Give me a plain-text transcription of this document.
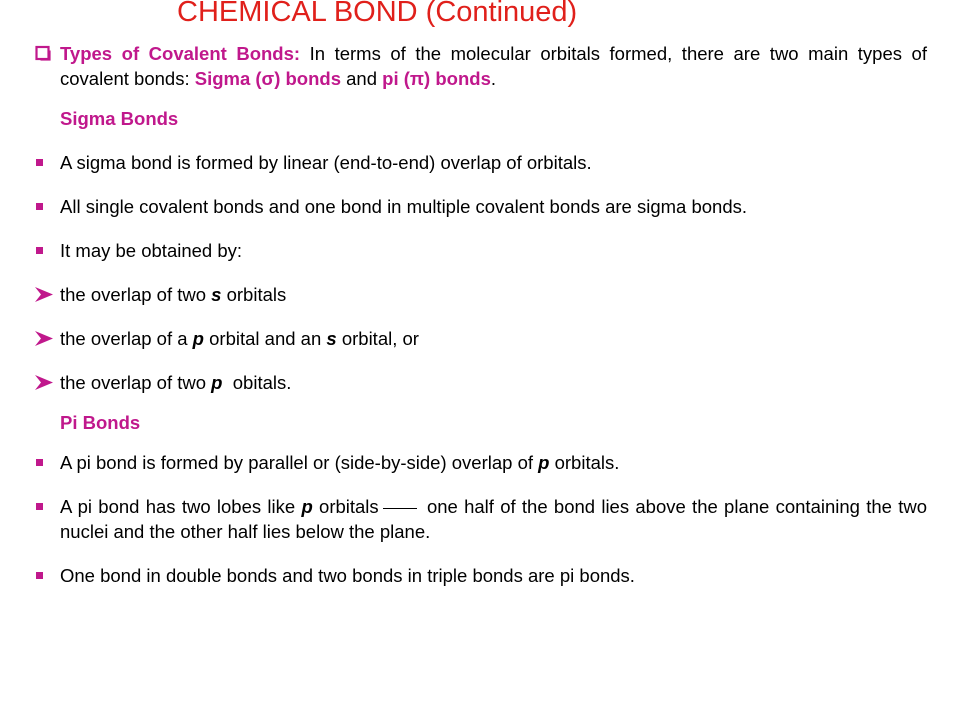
CHEMICAL BOND (Continued)
Types of Covalent Bonds: In terms of the molecular orbitals formed, there are two main types of covalent bonds: Sigma (σ) bonds and pi (π) bonds.
Sigma Bonds
A sigma bond is formed by linear (end-to-end) overlap of orbitals.
All single covalent bonds and one bond in multiple covalent bonds are sigma bonds.
It may be obtained by:
the overlap of two s orbitals
the overlap of a p orbital and an s orbital, or
the overlap of two p  obitals.
Pi Bonds
A pi bond is formed by parallel or (side-by-side) overlap of p orbitals.
A pi bond has two lobes like p orbitals one half of the bond lies above the plane containing the two nuclei and the other half lies below the plane.
One bond in double bonds and two bonds in triple bonds are pi bonds.
